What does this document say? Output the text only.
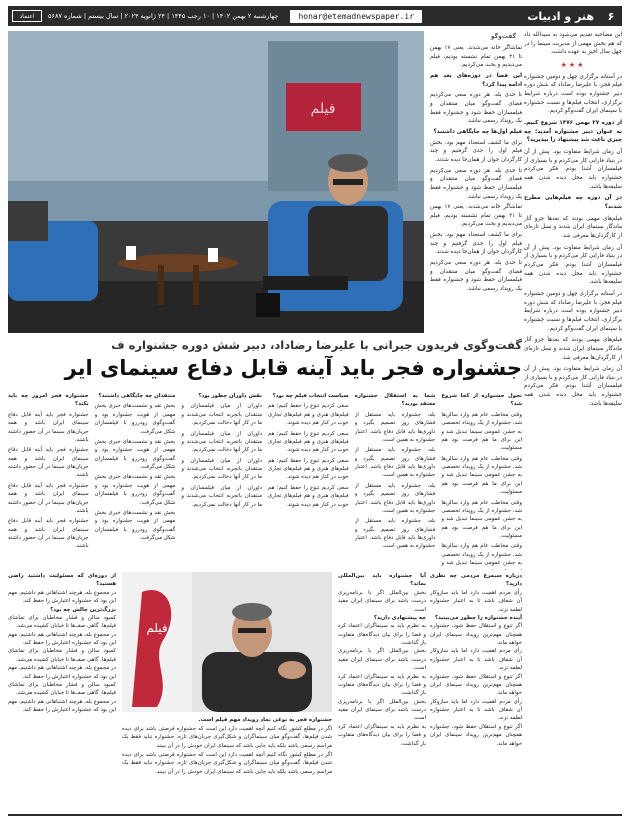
۶
هنر و ادبیات
honar@etemadnewspaper.ir
چهارشنبه ۲ بهمن ۱۴۰۲ | ۱۰ رجب ۱۴۴۵ | ۲۴ ژانویه ۲۰۲۴ | سال بیستم | شماره ۵۶۸۷
اعتماد

این مصاحبه تقدیم می‌شود به سیدالله داد که هم بخش مهمی از مدیریت سینما را در چهل سال اخیر به عهده داشت.

★★★

در آستانه برگزاری چهل و دومین جشنواره فیلم فجر، با علیرضا رضاداد که شش دوره دبیر جشنواره بوده است درباره شرایط برگزاری، انتخاب فیلم‌ها و نسبت جشنواره با سینمای ایران گفت‌وگو کردیم.

از دوره ۲۷ بهمن ۱۳۷۶ شروع کنیم. به عنوان دبیر جشنواره آمدید؛ چه چیزی باعث شد پیشنهاد را بپذیرید؟

آن زمان شرایط متفاوت بود. پیش از آن در بنیاد فارابی کار می‌کردم و با بسیاری از فیلمسازان آشنا بودم. فکر می‌کردم جشنواره باید محل دیده شدن همه سلیقه‌ها باشد.

در آن دوره چه فیلم‌هایی مطرح شدند؟

فیلم‌های مهمی بودند که بعدها جزو آثار ماندگار سینمای ایران شدند و نسل تازه‌ای از کارگردان‌ها معرفی شد.

آن زمان شرایط متفاوت بود. پیش از آن در بنیاد فارابی کار می‌کردم و با بسیاری از فیلمسازان آشنا بودم. فکر می‌کردم جشنواره باید محل دیده شدن همه سلیقه‌ها باشد.

در آستانه برگزاری چهل و دومین جشنواره فیلم فجر، با علیرضا رضاداد که شش دوره دبیر جشنواره بوده است درباره شرایط برگزاری، انتخاب فیلم‌ها و نسبت جشنواره با سینمای ایران گفت‌وگو کردیم.

فیلم‌های مهمی بودند که بعدها جزو آثار ماندگار سینمای ایران شدند و نسل تازه‌ای از کارگردان‌ها معرفی شد.

آن زمان شرایط متفاوت بود. پیش از آن در بنیاد فارابی کار می‌کردم و با بسیاری از فیلمسازان آشنا بودم. فکر می‌کردم جشنواره باید محل دیده شدن همه سلیقه‌ها باشد.

گفت‌وگو
فیلم

تماشاگر خانه می‌شدند. یعنی ۱۷ بهمن تا ۲۱ بهمن تمام نشسته بودیم، فیلم می‌دیدیم و بحث می‌کردیم.

این فضا در دوره‌های بعد هم ادامه پیدا کرد؟

تا حدی بله. هر دوره سعی می‌کردیم فضای گفت‌وگو میان منتقدان و فیلمسازان حفظ شود و جشنواره فقط یک رویداد رسمی نباشد.

فیلم اول‌ها چه جایگاهی داشتند؟

برای ما کشف استعداد مهم بود. بخش فیلم اول را جدی گرفتیم و چند کارگردان جوان از همان‌جا دیده شدند.

تا حدی بله. هر دوره سعی می‌کردیم فضای گفت‌وگو میان منتقدان و فیلمسازان حفظ شود و جشنواره فقط یک رویداد رسمی نباشد.

تماشاگر خانه می‌شدند. یعنی ۱۷ بهمن تا ۲۱ بهمن تمام نشسته بودیم، فیلم می‌دیدیم و بحث می‌کردیم.

برای ما کشف استعداد مهم بود. بخش فیلم اول را جدی گرفتیم و چند کارگردان جوان از همان‌جا دیده شدند.

تا حدی بله. هر دوره سعی می‌کردیم فضای گفت‌وگو میان منتقدان و فیلمسازان حفظ شود و جشنواره فقط یک رویداد رسمی نباشد.

گفت‌وگوی فریدون جیرانی با علیرضا رضاداد، دبیر شش دوره جشنواره ف
جشنواره فجر باید آینه قابل دفاع سینمای ایر

تحول جشنواره از کجا شروع شد؟

وقتی مخاطب عام هم وارد سالن‌ها شد، جشنواره از یک رویداد تخصصی به جشن عمومی سینما تبدیل شد و این برای ما هم فرصت بود هم مسئولیت.

وقتی مخاطب عام هم وارد سالن‌ها شد، جشنواره از یک رویداد تخصصی به جشن عمومی سینما تبدیل شد و این برای ما هم فرصت بود هم مسئولیت.

وقتی مخاطب عام هم وارد سالن‌ها شد، جشنواره از یک رویداد تخصصی به جشن عمومی سینما تبدیل شد و این برای ما هم فرصت بود هم مسئولیت.

وقتی مخاطب عام هم وارد سالن‌ها شد، جشنواره از یک رویداد تخصصی به جشن عمومی سینما تبدیل شد و

شما به استقلال جشنواره معتقد بودید؟

بله، جشنواره باید مستقل از فشارهای روز تصمیم بگیرد و داوری‌ها باید قابل دفاع باشد. اعتبار جشنواره به همین است.

بله، جشنواره باید مستقل از فشارهای روز تصمیم بگیرد و داوری‌ها باید قابل دفاع باشد. اعتبار جشنواره به همین است.

بله، جشنواره باید مستقل از فشارهای روز تصمیم بگیرد و داوری‌ها باید قابل دفاع باشد. اعتبار جشنواره به همین است.

بله، جشنواره باید مستقل از فشارهای روز تصمیم بگیرد و داوری‌ها باید قابل دفاع باشد. اعتبار جشنواره به همین است.

سیاست انتخاب فیلم چه بود؟

سعی کردیم تنوع را حفظ کنیم؛ هم فیلم‌های هنری و هم فیلم‌های تجاری خوب در کنار هم دیده شوند.

سعی کردیم تنوع را حفظ کنیم؛ هم فیلم‌های هنری و هم فیلم‌های تجاری خوب در کنار هم دیده شوند.

سعی کردیم تنوع را حفظ کنیم؛ هم فیلم‌های هنری و هم فیلم‌های تجاری خوب در کنار هم دیده شوند.

سعی کردیم تنوع را حفظ کنیم؛ هم فیلم‌های هنری و هم فیلم‌های تجاری خوب در کنار هم دیده شوند.

نقش داوران چطور بود؟

داوران از میان فیلمسازان و منتقدان باتجربه انتخاب می‌شدند و ما در کار آنها دخالت نمی‌کردیم.

داوران از میان فیلمسازان و منتقدان باتجربه انتخاب می‌شدند و ما در کار آنها دخالت نمی‌کردیم.

داوران از میان فیلمسازان و منتقدان باتجربه انتخاب می‌شدند و ما در کار آنها دخالت نمی‌کردیم.

داوران از میان فیلمسازان و منتقدان باتجربه انتخاب می‌شدند و ما در کار آنها دخالت نمی‌کردیم.

منتقدان چه جایگاهی داشتند؟

بخش نقد و نشست‌های خبری بخش مهمی از هویت جشنواره بود و گفت‌وگوی رودررو با فیلمسازان شکل می‌گرفت.

بخش نقد و نشست‌های خبری بخش مهمی از هویت جشنواره بود و گفت‌وگوی رودررو با فیلمسازان شکل می‌گرفت.

بخش نقد و نشست‌های خبری بخش مهمی از هویت جشنواره بود و گفت‌وگوی رودررو با فیلمسازان شکل می‌گرفت.

بخش نقد و نشست‌های خبری بخش مهمی از هویت جشنواره بود و گفت‌وگوی رودررو با فیلمسازان شکل می‌گرفت.

جشنواره فجر امروز چه باید بکند؟

جشنواره فجر باید آینه قابل دفاع سینمای ایران باشد و همه جریان‌های سینما در آن حضور داشته باشند.

جشنواره فجر باید آینه قابل دفاع سینمای ایران باشد و همه جریان‌های سینما در آن حضور داشته باشند.

جشنواره فجر باید آینه قابل دفاع سینمای ایران باشد و همه جریان‌های سینما در آن حضور داشته باشند.

جشنواره فجر باید آینه قابل دفاع سینمای ایران باشد و همه جریان‌های سینما در آن حضور داشته باشند.

فیلم

از دوره‌ای که مسئولیت داشتید راضی هستید؟

در مجموع بله، هرچند اشتباهاتی هم داشتیم. مهم این بود که جشنواره اعتبارش را حفظ کند.

بزرگ‌ترین چالش چه بود؟

کمبود سالن و فشار مخاطبان برای تماشای فیلم‌ها. گاهی صف‌ها تا خیابان کشیده می‌شد.

در مجموع بله، هرچند اشتباهاتی هم داشتیم. مهم این بود که جشنواره اعتبارش را حفظ کند.

کمبود سالن و فشار مخاطبان برای تماشای فیلم‌ها. گاهی صف‌ها تا خیابان کشیده می‌شد.

در مجموع بله، هرچند اشتباهاتی هم داشتیم. مهم این بود که جشنواره اعتبارش را حفظ کند.

کمبود سالن و فشار مخاطبان برای تماشای فیلم‌ها. گاهی صف‌ها تا خیابان کشیده می‌شد.

در مجموع بله، هرچند اشتباهاتی هم داشتیم. مهم این بود که جشنواره اعتبارش را حفظ کند.

آیا جشنواره باید بین‌المللی بماند؟

بخش بین‌الملل اگر با برنامه‌ریزی درست باشد برای سینمای ایران مفید است.

چه پیشنهادی دارید؟

به نظرم باید به سینماگران اعتماد کرد و فضا را برای بیان دیدگاه‌های متفاوت باز گذاشت.

بخش بین‌الملل اگر با برنامه‌ریزی درست باشد برای سینمای ایران مفید است.

به نظرم باید به سینماگران اعتماد کرد و فضا را برای بیان دیدگاه‌های متفاوت باز گذاشت.

بخش بین‌الملل اگر با برنامه‌ریزی درست باشد برای سینمای ایران مفید است.

به نظرم باید به سینماگران اعتماد کرد و فضا را برای بیان دیدگاه‌های متفاوت باز گذاشت.

درباره سیمرغ مردمی چه نظری دارید؟

رأی مردم اهمیت دارد اما باید سازوکار آن شفاف باشد تا به اعتبار جشنواره لطمه نزند.

آینده جشنواره را چطور می‌بینید؟

اگر تنوع و استقلال حفظ شود، جشنواره همچنان مهم‌ترین رویداد سینمای ایران خواهد ماند.

رأی مردم اهمیت دارد اما باید سازوکار آن شفاف باشد تا به اعتبار جشنواره لطمه نزند.

اگر تنوع و استقلال حفظ شود، جشنواره همچنان مهم‌ترین رویداد سینمای ایران خواهد ماند.

رأی مردم اهمیت دارد اما باید سازوکار آن شفاف باشد تا به اعتبار جشنواره لطمه نزند.

اگر تنوع و استقلال حفظ شود، جشنواره همچنان مهم‌ترین رویداد سینمای ایران خواهد ماند.

جشنواره فجر به نوعی نماد رویداد مهم فیلم است.

اگر در مطلع کشور نگاه کنیم آنچه اهمیت دارد این است که جشنواره فرصتی باشد برای دیده شدن فیلم‌ها، گفت‌وگو میان سینماگران و شکل‌گیری جریان‌های تازه. جشنواره نباید فقط یک مراسم رسمی باشد بلکه باید جایی باشد که سینمای ایران خودش را در آن ببیند.

اگر در مطلع کشور نگاه کنیم آنچه اهمیت دارد این است که جشنواره فرصتی باشد برای دیده شدن فیلم‌ها، گفت‌وگو میان سینماگران و شکل‌گیری جریان‌های تازه. جشنواره نباید فقط یک مراسم رسمی باشد بلکه باید جایی باشد که سینمای ایران خودش را در آن ببیند.
